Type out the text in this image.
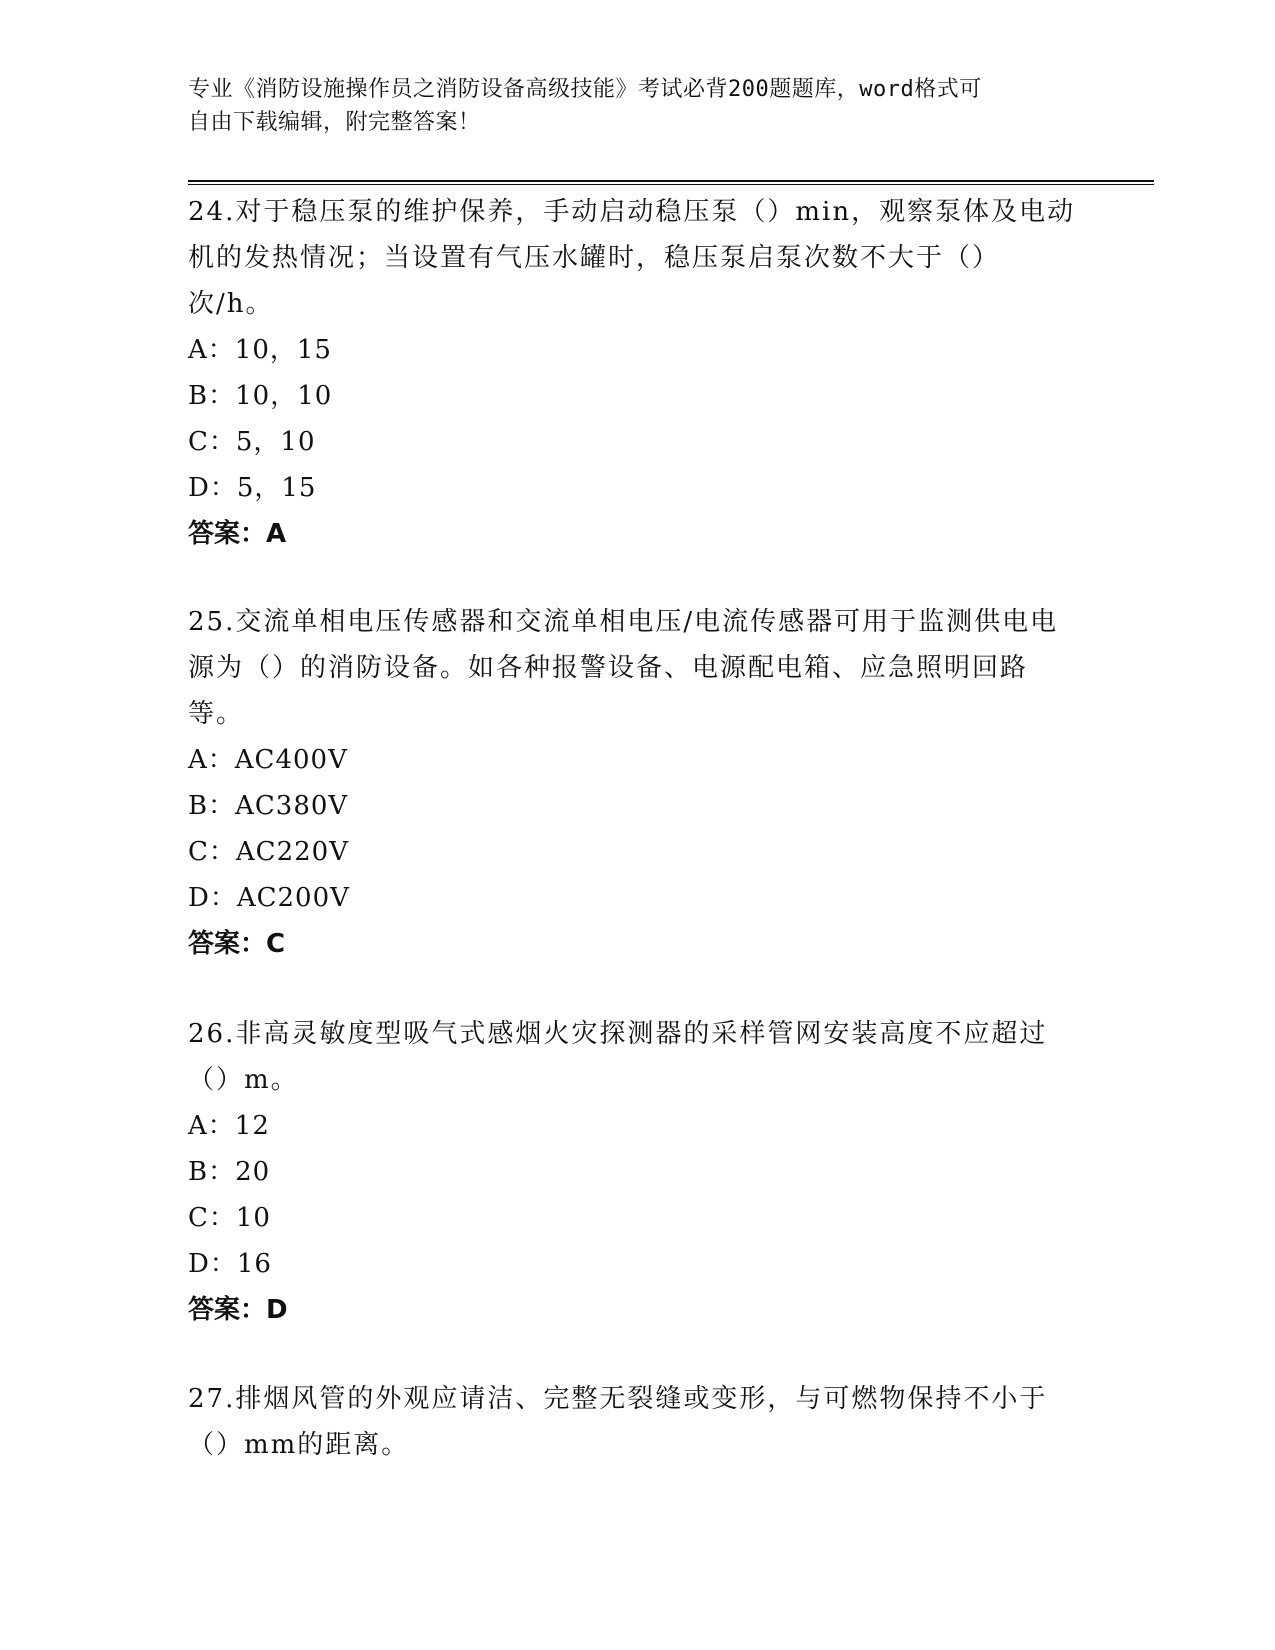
专业《消防设施操作员之消防设备高级技能》考试必背200题题库，word格式可
自由下载编辑，附完整答案！

24.对于稳压泵的维护保养，手动启动稳压泵（）min，观察泵体及电动机的发热情况；当设置有气压水罐时，稳压泵启泵次数不大于（）次/h。

A：10，15

B：10，10

C：5，10

D：5，15

答案：A

25.交流单相电压传感器和交流单相电压/电流传感器可用于监测供电电源为（）的消防设备。如各种报警设备、电源配电箱、应急照明回路等。

A：AC400V

B：AC380V

C：AC220V

D：AC200V

答案：C

26.非高灵敏度型吸气式感烟火灾探测器的采样管网安装高度不应超过（）m。

A：12

B：20

C：10

D：16

答案：D

27.排烟风管的外观应请洁、完整无裂缝或变形，与可燃物保持不小于（）mm的距离。
